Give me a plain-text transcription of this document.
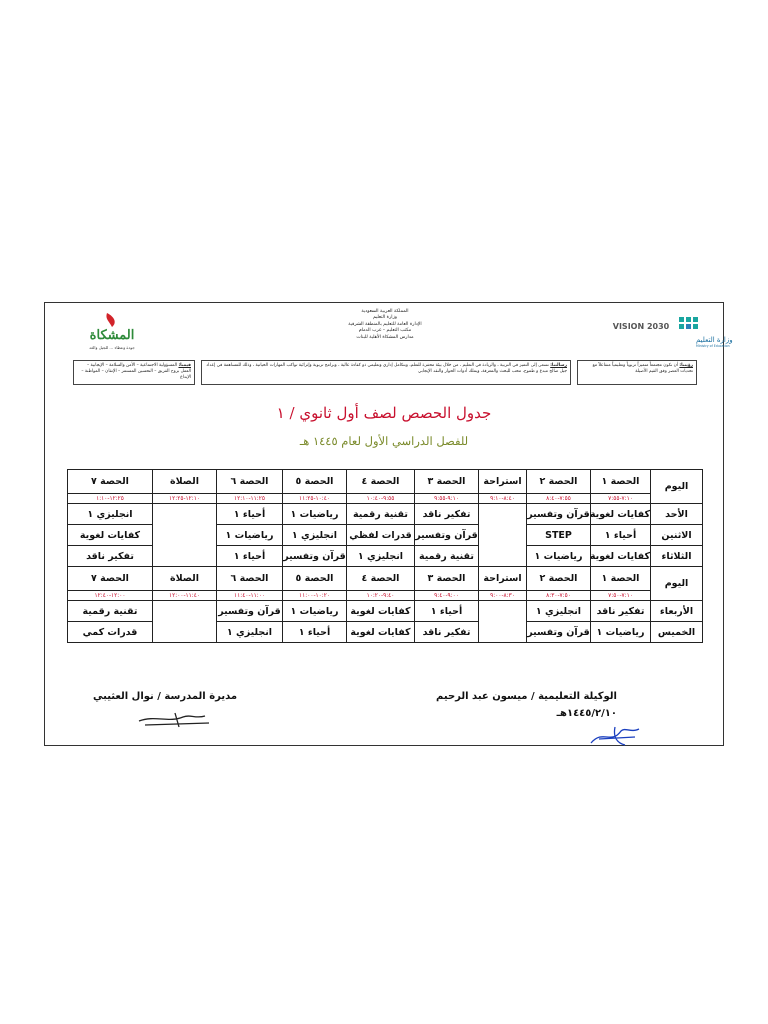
وزارة التعليم
Ministry of Education
VISION 2030
المملكة العربية السعودية
وزارة التعليم
الإدارة العامة للتعليم بالمنطقة الشرقية
مكتب التعليم – غرب الدمام
مدارس المشكاة الأهلية للبنات
المشكاة
جودة وعطاء ... للجيل والغد
رؤيتنا: أن نكون مجتمعاً متميزاً تربوياً وتعليمياً متفاعلاً مع تحديات العصر وفق القيم الأصيلة
رسالتنا: نسعى إلى التميز في التربية ، والريادة في التعليم ، من خلال بيئة محفزة للتعلم، وبتكامل إداري وتعليمي ذو كفاءة عالية ، وبرامج تربوية وإثرائية تواكب المهارات الحياتية ، وذلك للمساهمة في إعداد جيل صالح مبدع و طموح، محب للبحث والمعرفة، ويملك أدوات الحوار والنقد الإيجابي
قيمنا: المسؤولية الاجتماعية – الأمن والسلامة – الإيجابية – العمل بروح الفريق – التحسين المستمر – الإتقان – المواطنة – الإبداع
جدول الحصص لصف أول ثانوي / ١
للفصل الدراسي الأول لعام ١٤٤٥ هـ
اليوم	الحصة ١	الحصة ٢	استراحة	الحصة ٣	الحصة ٤	الحصة ٥	الحصة ٦	الصلاة	الحصة ٧
	٧:١٠-٧:٥٥	٧:٥٥-٨:٤٠	٨:٤٠-٩:١٠	٩:١٠-٩:٥٥	٩:٥٥-١٠:٤٠	١٠:٤٠-١١:٢٥	١١:٢٥-١٢:١٠	١٢:١٠-١٢:٢٥	١٢:٢٥-١:١٠
الأحد	كفايات لغوية	قرآن وتفسير		تفكير ناقد	تقنية رقمية	رياضيات ١	أحياء ١		انجليزي ١
الاثنين	أحياء ١	STEP		قرآن وتفسير	قدرات لفظي	انجليزي ١	رياضيات ١		كفايات لغوية
الثلاثاء	كفايات لغوية	رياضيات ١		تقنية رقمية	انجليزي ١	قرآن وتفسير	أحياء ١		تفكير ناقد
اليوم	الحصة ١	الحصة ٢	استراحة	الحصة ٣	الحصة ٤	الحصة ٥	الحصة ٦	الصلاة	الحصة ٧
	٧:١٠-٧:٥٠	٧:٥٠-٨:٣٠	٨:٣٠-٩:٠٠	٩:٠٠-٩:٤٠	٩:٤٠-١٠:٢٠	١٠:٢٠-١١:٠٠	١١:٠٠-١١:٤٠	١١:٤٠-١٢:٠٠	١٢:٠٠-١٢:٤٠
الأربعاء	تفكير ناقد	انجليزي ١		أحياء ١	كفايات لغوية	رياضيات ١	قرآن وتفسير		تقنية رقمية
الخميس	رياضيات ١	قرآن وتفسير		تفكير ناقد	كفايات لغوية	أحياء ١	انجليزي ١		قدرات كمي
الوكيلة التعليمية / ميسون عبد الرحيم
١٤٤٥/٢/١٠هـ
مديرة المدرسة / نوال العثيبي
